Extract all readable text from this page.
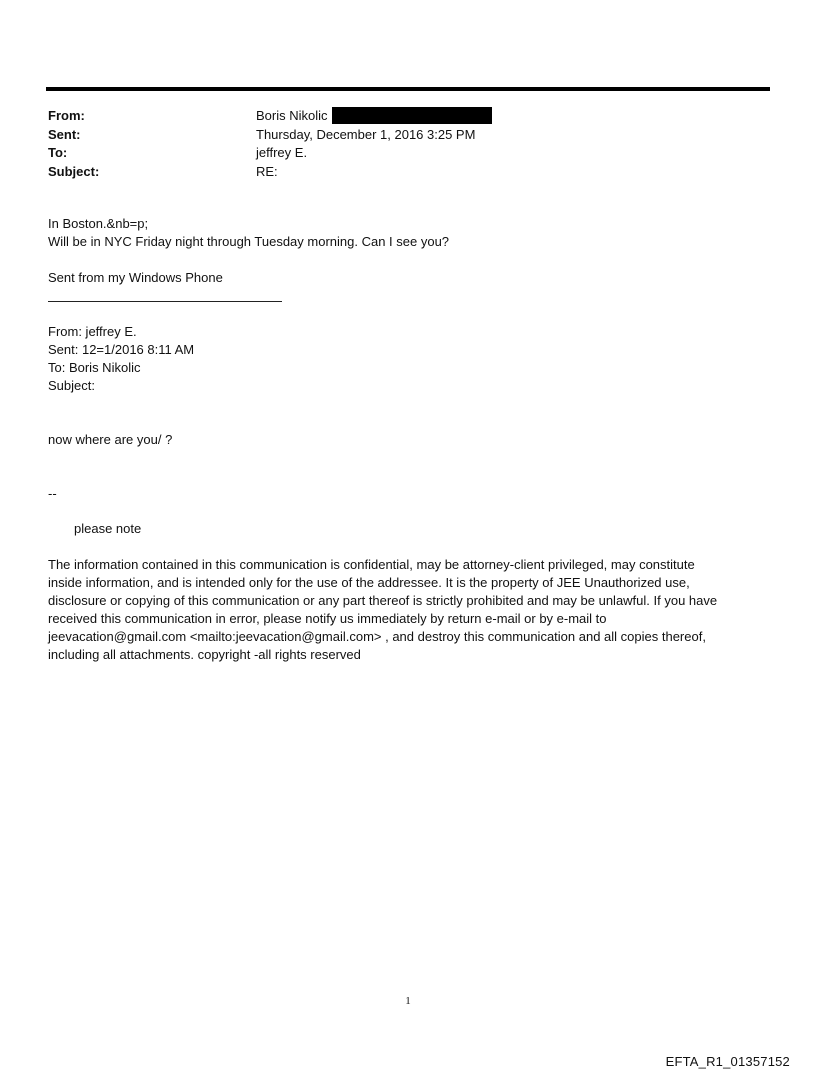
From:	Boris Nikolic
Sent:	Thursday, December 1, 2016 3:25 PM
To:	jeffrey E.
Subject:	RE:
In Boston.&nb=p;
Will be in NYC Friday night through Tuesday morning. Can I see you?
Sent from my Windows Phone
From: jeffrey E.
Sent: 12=1/2016 8:11 AM
To: Boris Nikolic
Subject:
now where are you/ ?
--
please note
The information contained in this communication is confidential, may be attorney-client privileged, may constitute
inside information, and is intended only for the use of the addressee. It is the property of JEE Unauthorized use,
disclosure or copying of this communication or any part thereof is strictly prohibited and may be unlawful. If you have
received this communication in error, please notify us immediately by return e-mail or by e-mail to
jeevacation@gmail.com <mailto:jeevacation@gmail.com> , and destroy this communication and all copies thereof,
including all attachments. copyright -all rights reserved
1
EFTA_R1_01357152
